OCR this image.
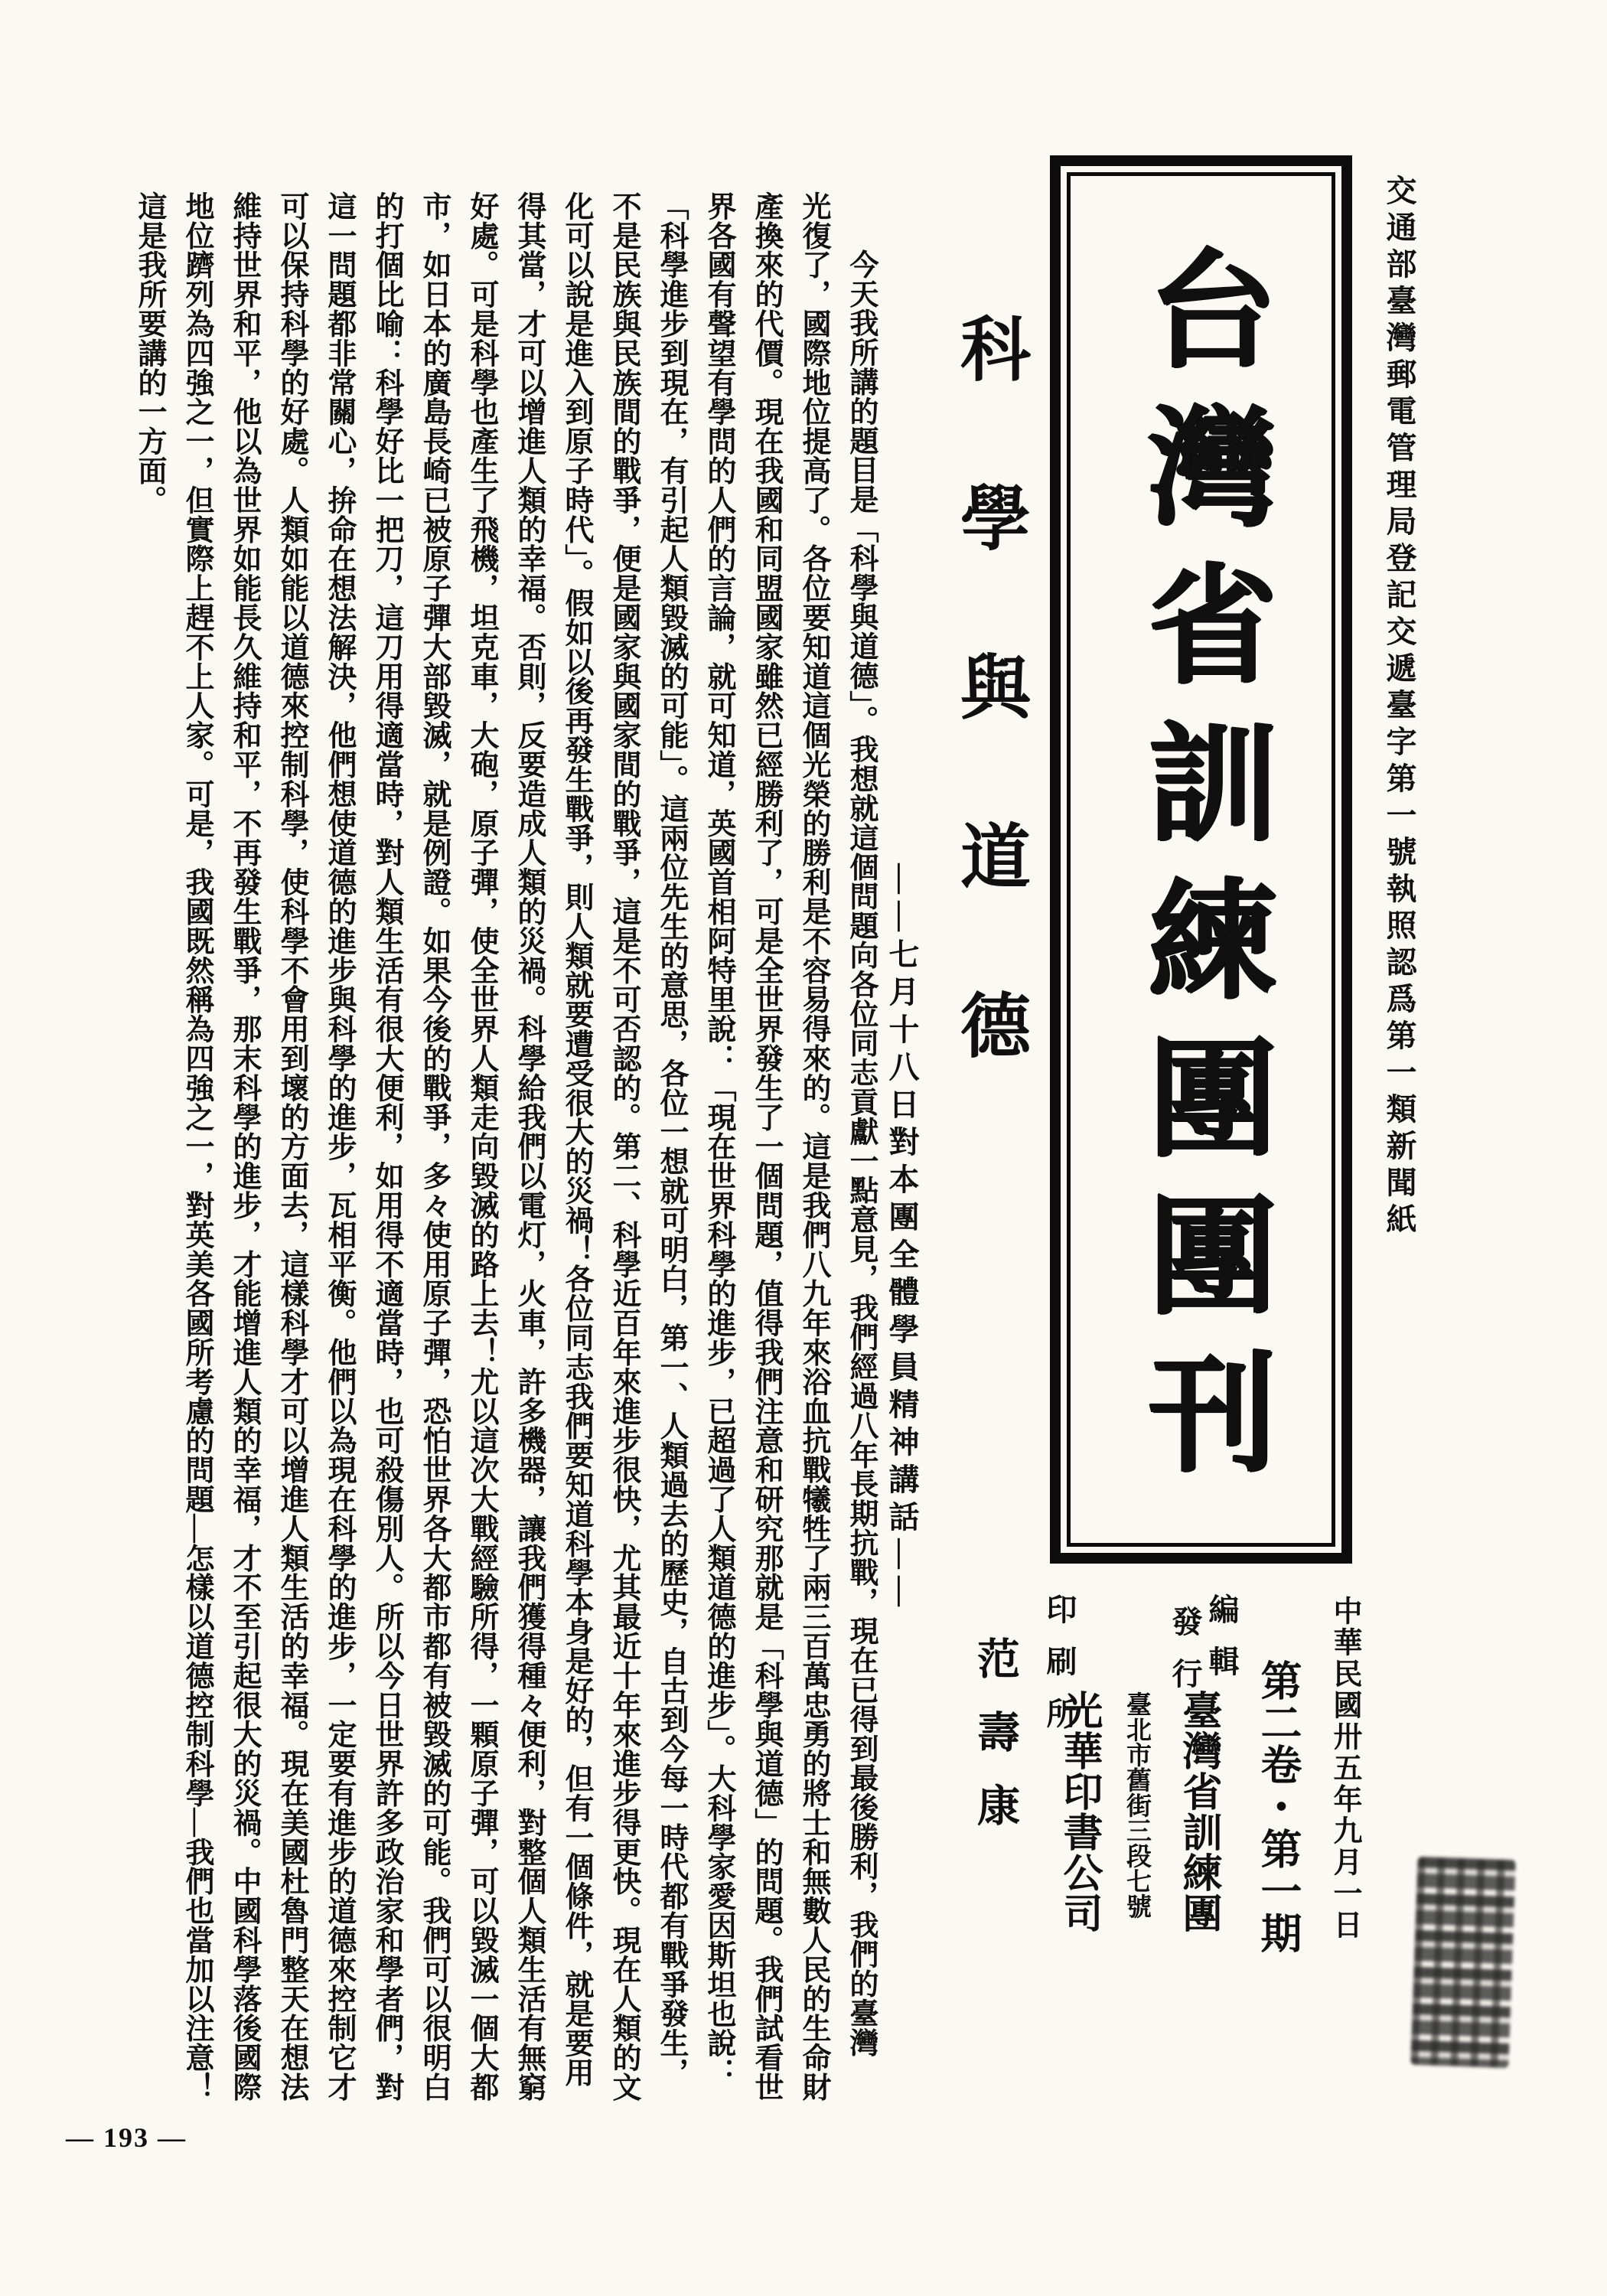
今天我所講的題目是「科學與道德」。我想就這個問題向各位同志貢獻一點意見，我們經過八年長期抗戰，現在已得到最後勝利，我們的臺灣
光復了，國際地位提高了。各位要知道這個光榮的勝利是不容易得來的。這是我們八九年來浴血抗戰犧牲了兩三百萬忠勇的將士和無數人民的生命財
產換來的代價。現在我國和同盟國家雖然已經勝利了，可是全世界發生了一個問題，值得我們注意和研究那就是「科學與道德」的問題。我們試看世
界各國有聲望有學問的人們的言論，就可知道，英國首相阿特里說：「現在世界科學的進步，已超過了人類道德的進步」。大科學家愛因斯坦也說：
「科學進步到現在，有引起人類毀滅的可能」。這兩位先生的意思，各位一想就可明白，第一、人類過去的歷史，自古到今每一時代都有戰爭發生，
不是民族與民族間的戰爭，便是國家與國家間的戰爭，這是不可否認的。第二、科學近百年來進步很快，尤其最近十年來進步得更快。現在人類的文
化可以說是進入到原子時代」。假如以後再發生戰爭，則人類就要遭受很大的災禍！各位同志我們要知道科學本身是好的，但有一個條件，就是要用
得其當，才可以增進人類的幸福。否則，反要造成人類的災禍。科學給我們以電灯，火車，許多機器，讓我們獲得種々便利，對整個人類生活有無窮
好處。可是科學也產生了飛機，坦克車，大砲，原子彈，使全世界人類走向毀滅的路上去！尤以這次大戰經驗所得，一顆原子彈，可以毀滅一個大都
市，如日本的廣島長崎已被原子彈大部毀滅，就是例證。如果今後的戰爭，多々使用原子彈，恐怕世界各大都市都有被毀滅的可能。我們可以很明白
的打個比喻：科學好比一把刀，這刀用得適當時，對人類生活有很大便利，如用得不適當時，也可殺傷別人。所以今日世界許多政治家和學者們，對
這一問題都非常關心，拚命在想法解決，他們想使道德的進步與科學的進步，瓦相平衡。他們以為現在科學的進步，一定要有進步的道德來控制它才
可以保持科學的好處。人類如能以道德來控制科學，使科學不會用到壞的方面去，這樣科學才可以增進人類生活的幸福。現在美國杜魯門整天在想法
維持世界和平，他以為世界如能長久維持和平，不再發生戰爭，那末科學的進步，才能增進人類的幸福，才不至引起很大的災禍。中國科學落後國際
地位躋列為四強之一，但實際上趕不上人家。可是，我國既然稱為四強之一，對英美各國所考慮的問題—怎樣以道德控制科學—我們也當加以注意！
這是我所要講的一方面。	科學與道德
——七月十八日對本團全體學員精神講話——
范壽康
台灣省訓練團團刊	交通部臺灣郵電管理局登記交遞臺字第一號執照認爲第一類新聞紙
中華民國卅五年九月一日
第二卷・第一期
編輯
發行
臺灣省訓練團
臺北市舊街三段七號
印刷所
光華印書公司
— 193 —
